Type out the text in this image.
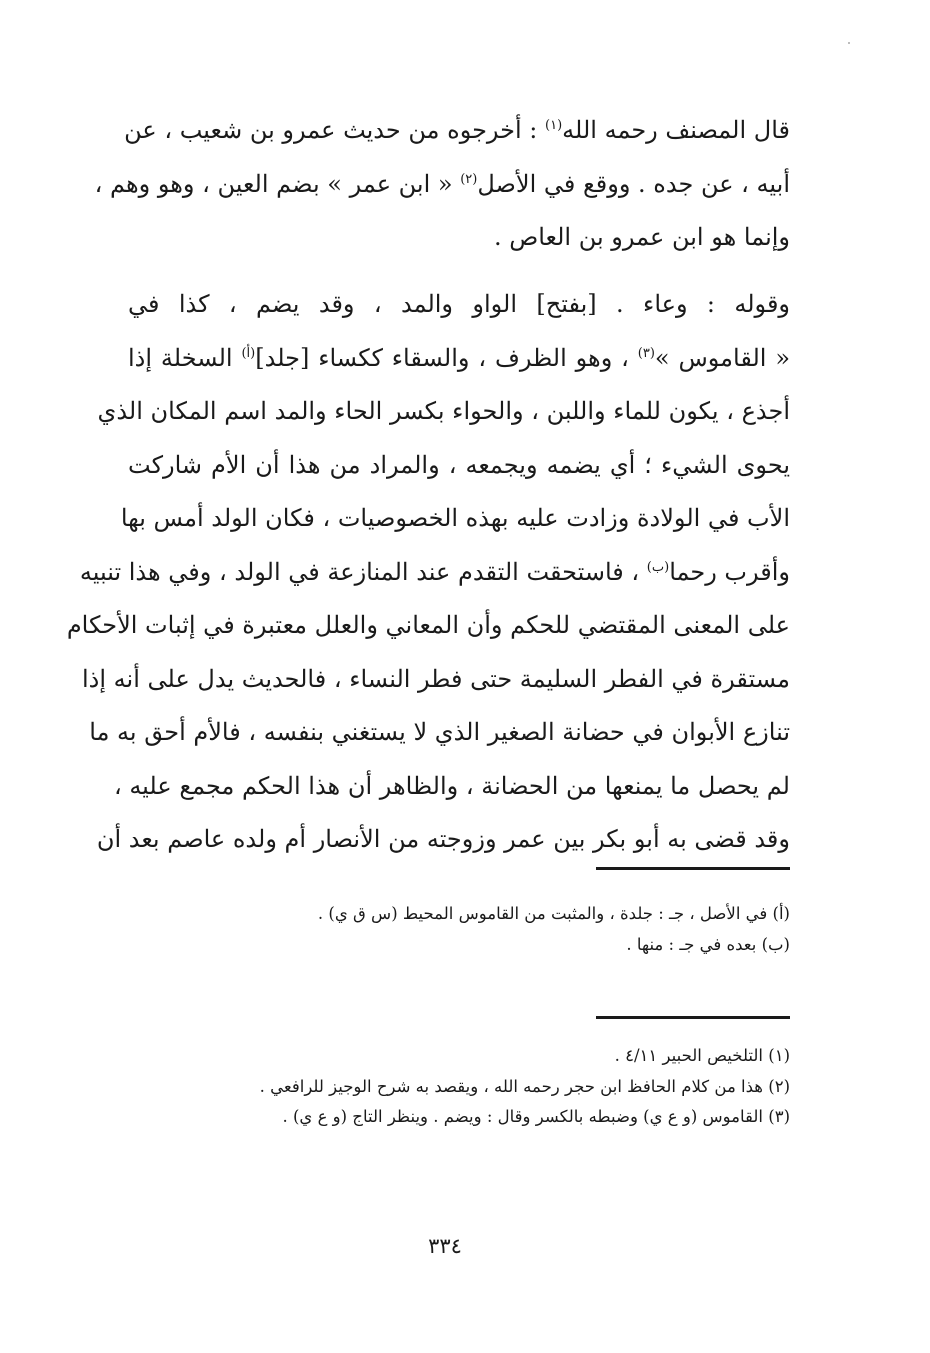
قال المصنف رحمه الله$^{(١)}$ : أخرجوه من حديث عمرو بن شعيب ، عن
أبيه ، عن جده . ووقع في الأصل$^{(٢)}$ « ابن عمر » بضم العين ، وهو وهم ،
وإنما هو ابن عمرو بن العاص .
وقوله : وعاء . [بفتح] الواو والمد ، وقد يضم ، كذا في
« القاموس »$^{(٣)}$ ، وهو الظرف ، والسقاء ككساء [جلد]$^{(أ)}$ السخلة إذا
أجذع ، يكون للماء واللبن ، والحواء بكسر الحاء والمد اسم المكان الذي
يحوى الشيء ؛ أي يضمه ويجمعه ، والمراد من هذا أن الأم شاركت
الأب في الولادة وزادت عليه بهذه الخصوصيات ، فكان الولد أمس بها
وأقرب رحما$^{(ب)}$ ، فاستحقت التقدم عند المنازعة في الولد ، وفي هذا تنبيه
على المعنى المقتضي للحكم وأن المعاني والعلل معتبرة في إثبات الأحكام
مستقرة في الفطر السليمة حتى فطر النساء ، فالحديث يدل على أنه إذا
تنازع الأبوان في حضانة الصغير الذي لا يستغني بنفسه ، فالأم أحق به ما
لم يحصل ما يمنعها من الحضانة ، والظاهر أن هذا الحكم مجمع عليه ،
وقد قضى به أبو بكر بين عمر وزوجته من الأنصار أم ولده عاصم بعد أن
(أ) في الأصل ، جـ : جلدة ، والمثبت من القاموس المحيط (س ق ي) .
(ب) بعده في جـ : منها .
(١) التلخيص الحبير ٤/١١ .
(٢) هذا من كلام الحافظ ابن حجر رحمه الله ، ويقصد به شرح الوجيز للرافعي .
(٣) القاموس (و ع ي) وضبطه بالكسر وقال : ويضم . وينظر التاج (و ع ي) .
٣٣٤
